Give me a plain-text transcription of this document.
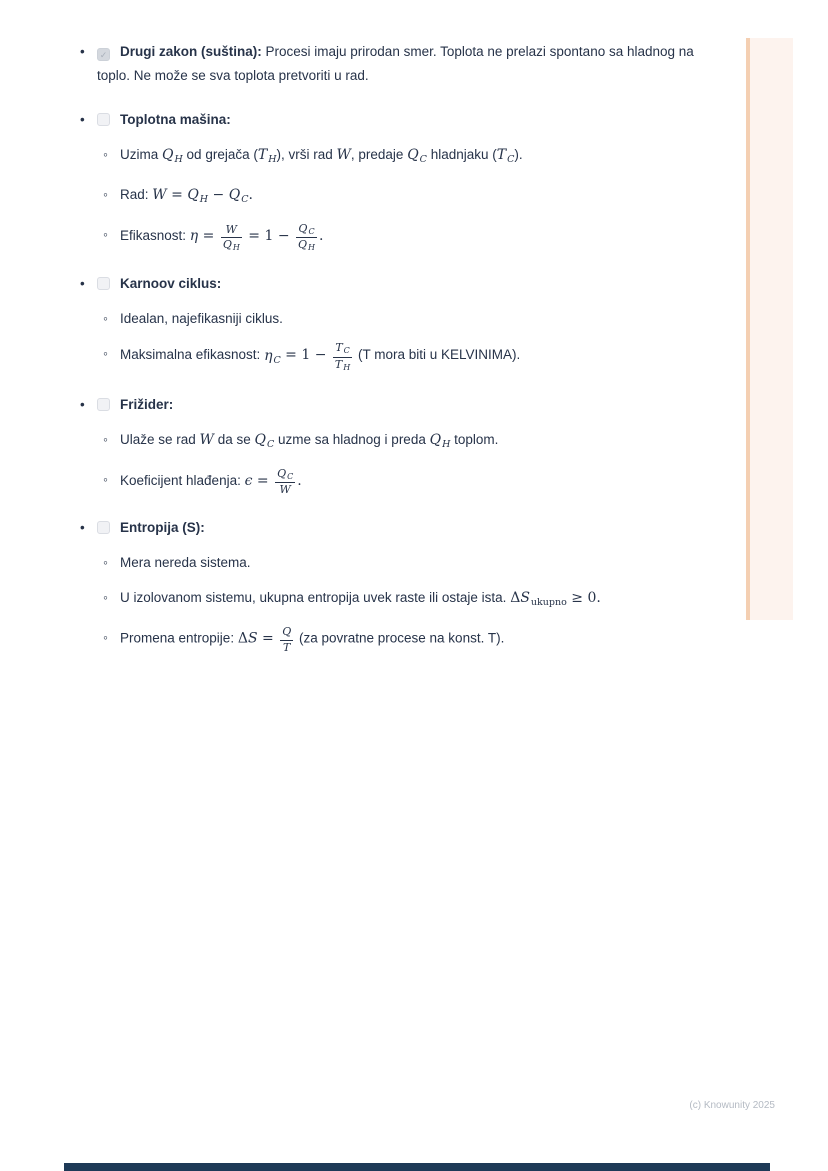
• ✓ Drugi zakon (suština): Procesi imaju prirodan smer. Toplota ne prelazi spontano sa hladnog na toplo. Ne može se sva toplota pretvoriti u rad.
• Toplotna mašina:
◦ Uzima $Q_H$ od grejača $(T_H)$, vrši rad W, predaje $Q_C$ hladnjaku $(T_C)$.
◦ Rad: $W = Q_H - Q_C$.
◦ Efikasnost: $\eta = \frac{W}{QH} = 1 - \frac{QC}{QH}$ .
• Karnoov ciklus:
◦ Idealan, najefikasniji ciklus.
◦ Maksimalna efikasnost: $\eta_C = 1 - \frac{TC}{TH} (T$ mora biti u KELVINIMA).
• Frižider:
◦ Ulaže se rad W da se $Q_C$ uzme sa hladnog i preda $Q_H$ toplom.
◦ Koeficijent hlađenja: $\epsilon = \frac{QC}{W}$ .
• Entropija (S):
◦ Mera nereda sistema.
◦ U izolovanom sistemu, ukupna entropija uvek raste ili ostaje ista. $\Delta S_{ukupno} \ge 0$.
◦ Promena entropije: $\Delta S = \frac{Q}{T} (za$ povratne procese na konst. T).
(c) Knowunity 2025
